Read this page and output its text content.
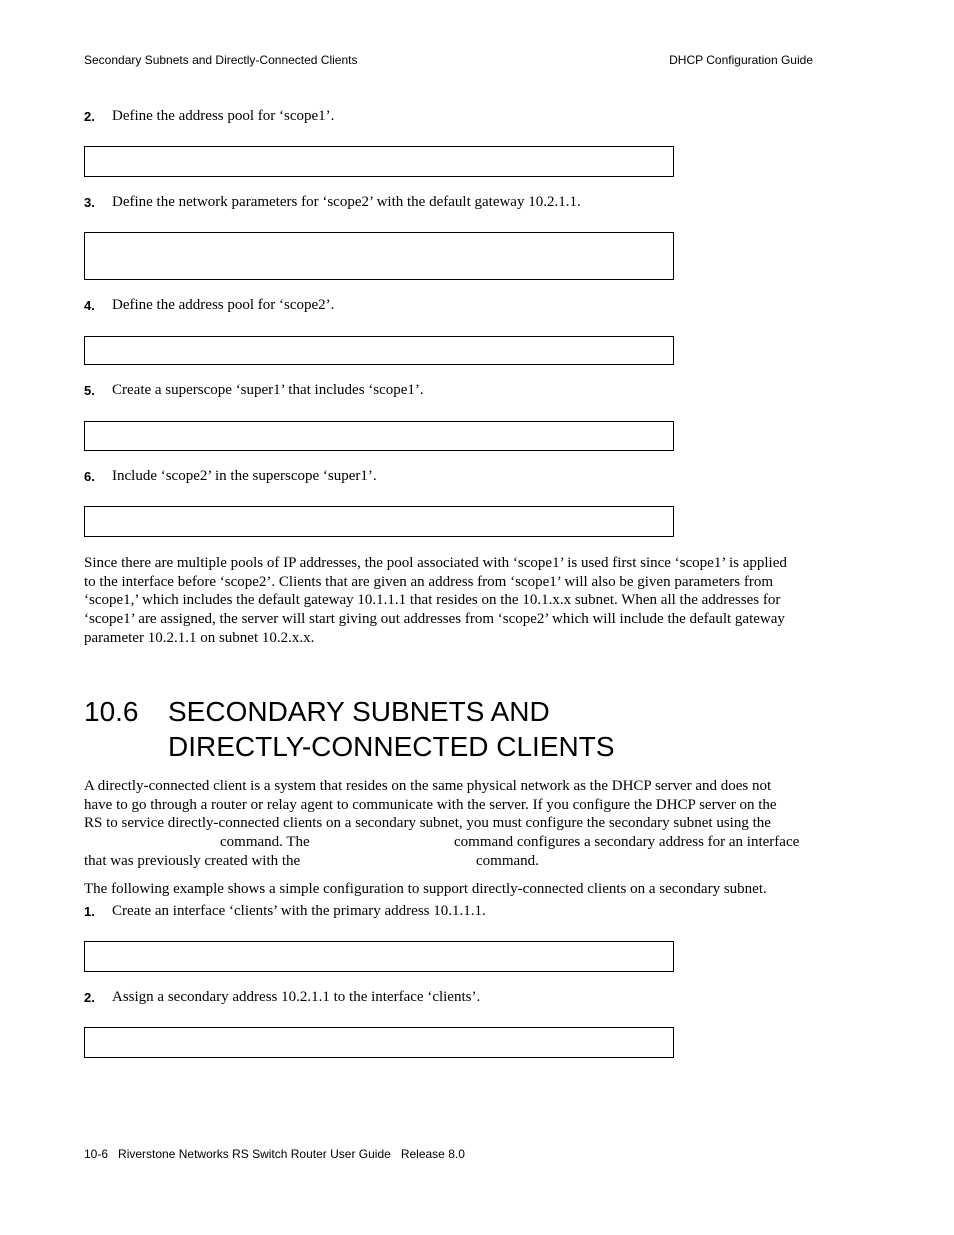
Secondary Subnets and Directly-Connected Clients	DHCP Configuration Guide
2. Define the address pool for ‘scope1’.
3. Define the network parameters for ‘scope2’ with the default gateway 10.2.1.1.
4. Define the address pool for ‘scope2’.
5. Create a superscope ‘super1’ that includes ‘scope1’.
6. Include ‘scope2’ in the superscope ‘super1’.
Since there are multiple pools of IP addresses, the pool associated with ‘scope1’ is used first since ‘scope1’ is applied
to the interface before ‘scope2’. Clients that are given an address from ‘scope1’ will also be given parameters from
‘scope1,’ which includes the default gateway 10.1.1.1 that resides on the 10.1.x.x subnet. When all the addresses for
‘scope1’ are assigned, the server will start giving out addresses from ‘scope2’ which will include the default gateway
parameter 10.2.1.1 on subnet 10.2.x.x.
10.6 SECONDARY SUBNETS AND
DIRECTLY-CONNECTED CLIENTS
A directly-connected client is a system that resides on the same physical network as the DHCP server and does not
have to go through a router or relay agent to communicate with the server. If you configure the DHCP server on the
RS to service directly-connected clients on a secondary subnet, you must configure the secondary subnet using the
command. The	command configures a secondary address for an interface
that was previously created with the	command.
The following example shows a simple configuration to support directly-connected clients on a secondary subnet.
1. Create an interface ‘clients’ with the primary address 10.1.1.1.
2. Assign a secondary address 10.2.1.1 to the interface ‘clients’.
10-6 Riverstone Networks RS Switch Router User Guide Release 8.0
